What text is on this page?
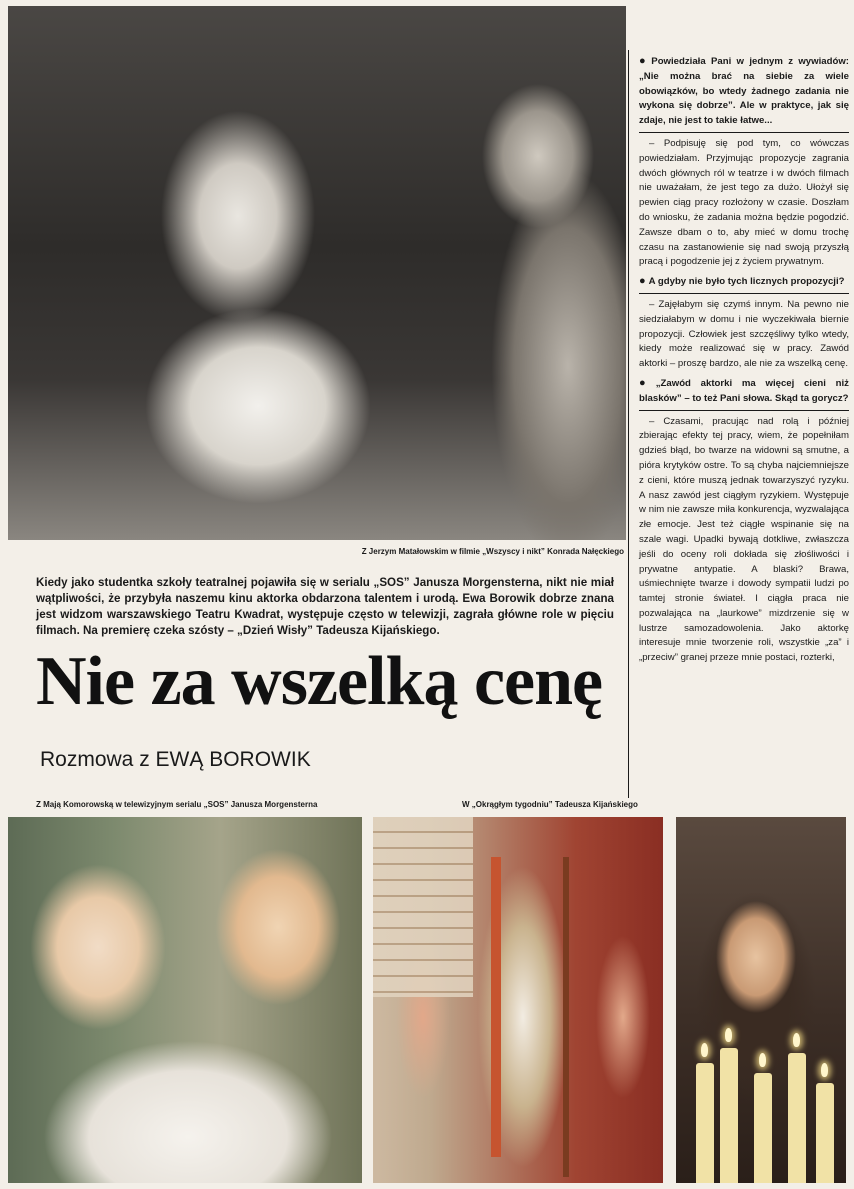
Z Jerzym Matałowskim w filmie „Wszyscy i nikt” Konrada Nałęckiego
Kiedy jako studentka szkoły teatralnej pojawiła się w serialu „SOS” Janusza Morgensterna, nikt nie miał wątpliwości, że przybyła naszemu kinu aktorka obdarzona talentem i urodą. Ewa Borowik dobrze znana jest widzom warszawskiego Teatru Kwadrat, występuje często w telewizji, zagrała główne role w pięciu filmach. Na premierę czeka szósty – „Dzień Wisły” Tadeusza Kijańskiego.
Nie za wszelką cenę
Rozmowa z EWĄ BOROWIK

● Powiedziała Pani w jednym z wywiadów: „Nie można brać na siebie za wiele obowiązków, bo wtedy żadnego zadania nie wykona się dobrze”. Ale w praktyce, jak się zdaje, nie jest to takie łatwe...

– Podpisuję się pod tym, co wówczas powiedziałam. Przyjmując propozycje zagrania dwóch głównych ról w teatrze i w dwóch filmach nie uważałam, że jest tego za dużo. Ułożył się pewien ciąg pracy rozłożony w czasie. Doszłam do wniosku, że zadania można będzie pogodzić. Zawsze dbam o to, aby mieć w domu trochę czasu na zastanowienie się nad swoją przyszłą pracą i pogodzenie jej z życiem prywatnym.

● A gdyby nie było tych licznych propozycji?

– Zajęłabym się czymś innym. Na pewno nie siedziałabym w domu i nie wyczekiwała biernie propozycji. Człowiek jest szczęśliwy tylko wtedy, kiedy może realizować się w pracy. Zawód aktorki – proszę bardzo, ale nie za wszelką cenę.

● „Zawód aktorki ma więcej cieni niż blasków” – to też Pani słowa. Skąd ta gorycz?

– Czasami, pracując nad rolą i później zbierając efekty tej pracy, wiem, że popełniłam gdzieś błąd, bo twarze na widowni są smutne, a pióra krytyków ostre. To są chyba najciemniejsze z cieni, które muszą jednak towarzyszyć ryzyku. A nasz zawód jest ciągłym ryzykiem. Występuje w nim nie zawsze miła konkurencja, wyzwalająca złe emocje. Jest też ciągłe wspinanie się na szale wagi. Upadki bywają dotkliwe, zwłaszcza jeśli do oceny roli dokłada się złośliwości i prywatne antypatie. A blaski? Brawa, uśmiechnięte twarze i dowody sympatii ludzi po tamtej stronie świateł. I ciągła praca nie pozwalająca na „laurkowe” mizdrzenie się w lustrze samozadowolenia. Jako aktorkę interesuje mnie tworzenie roli, wszystkie „za” i „przeciw” granej przeze mnie postaci, rozterki,

Z Mają Komorowską w telewizyjnym serialu „SOS” Janusza Morgensterna	W „Okrągłym tygodniu” Tadeusza Kijańskiego
